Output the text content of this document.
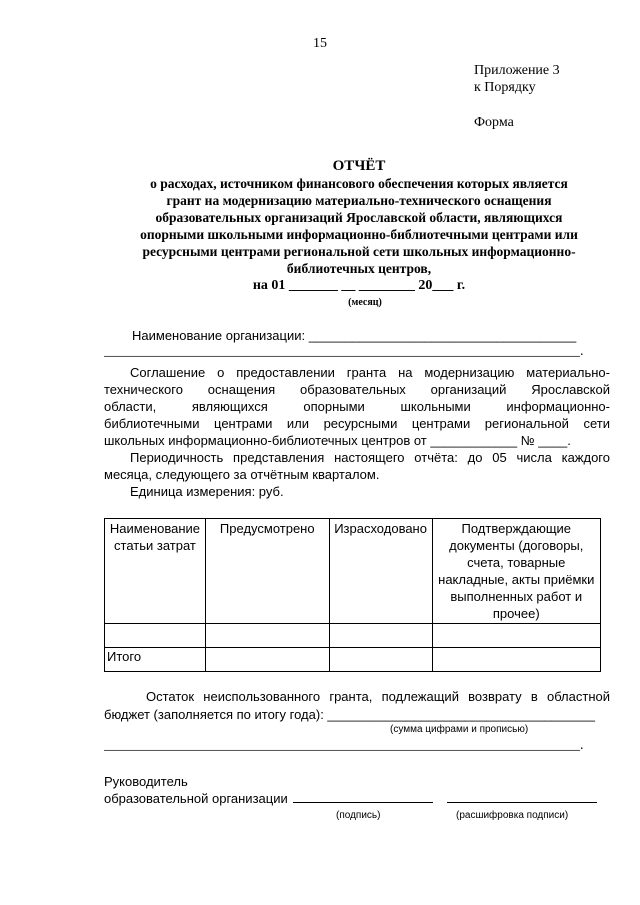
15
Приложение 3
к Порядку
Форма
ОТЧЁТ
о расходах, источником финансового обеспечения которых является
грант на модернизацию материально-технического оснащения
образовательных организаций Ярославской области, являющихся
опорными школьными информационно-библиотечными центрами или
ресурсными центрами региональной сети школьных информационно-
библиотечных центров,
на 01 _______ __ ________ 20___ г.
(месяц)
Наименование организации: _____________________________________
____________________________________________________________________.

Соглашение о предоставлении гранта на модернизацию материально-

технического оснащения образовательных организаций Ярославской
области, являющихся опорными школьными информационно-
библиотечными центрами или ресурсными центрами региональной сети
школьных информационно-библиотечных центров от ____________ № ____.

Периодичность представления настоящего отчёта: до 05 числа каждого месяца, следующего за отчётным кварталом.

Единица измерения: руб.

Наименование статьи затрат	Предусмотрено	Израсходовано	Подтверждающие документы (договоры, счета, товарные накладные, акты приёмки выполненных работ и прочее)

Итого			
Остаток неиспользованного гранта, подлежащий возврату в областной
бюджет (заполняется по итогу года): _____________________________________
(сумма цифрами и прописью)
____________________________________________________________________.
Руководитель
образовательной организации
(подпись)	(расшифровка подписи)
